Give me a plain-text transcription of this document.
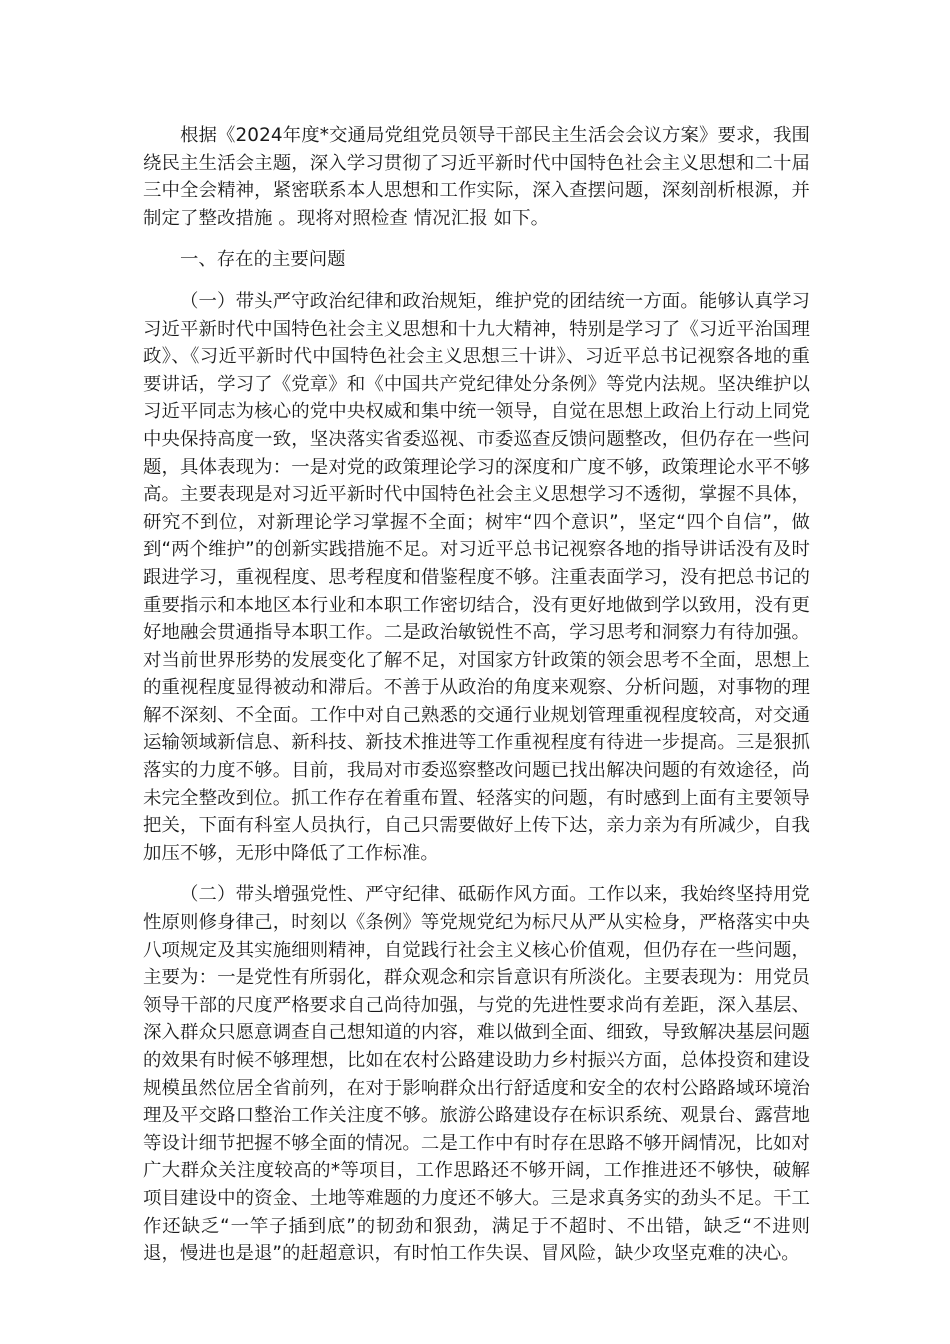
根据《2024年度*交通局党组党员领导干部民主生活会会议方案》要求，我围绕民主生活会主题，深入学习贯彻了习近平新时代中国特色社会主义思想和二十届三中全会精神，紧密联系本人思想和工作实际，深入查摆问题，深刻剖析根源，并制定了整改措施 。现将对照检查 情况汇报 如下。

一、存在的主要问题

（一）带头严守政治纪律和政治规矩，维护党的团结统一方面。能够认真学习习近平新时代中国特色社会主义思想和十九大精神，特别是学习了《习近平治国理政》、《习近平新时代中国特色社会主义思想三十讲》、习近平总书记视察各地的重要讲话，学习了《党章》和《中国共产党纪律处分条例》等党内法规。坚决维护以习近平同志为核心的党中央权威和集中统一领导，自觉在思想上政治上行动上同党中央保持高度一致，坚决落实省委巡视、市委巡查反馈问题整改，但仍存在一些问题，具体表现为：一是对党的政策理论学习的深度和广度不够，政策理论水平不够高。主要表现是对习近平新时代中国特色社会主义思想学习不透彻，掌握不具体，研究不到位，对新理论学习掌握不全面；树牢“四个意识”，坚定“四个自信”，做到“两个维护”的创新实践措施不足。对习近平总书记视察各地的指导讲话没有及时跟进学习，重视程度、思考程度和借鉴程度不够。注重表面学习，没有把总书记的重要指示和本地区本行业和本职工作密切结合，没有更好地做到学以致用，没有更好地融会贯通指导本职工作。二是政治敏锐性不高，学习思考和洞察力有待加强。对当前世界形势的发展变化了解不足，对国家方针政策的领会思考不全面，思想上的重视程度显得被动和滞后。不善于从政治的角度来观察、分析问题，对事物的理解不深刻、不全面。工作中对自己熟悉的交通行业规划管理重视程度较高，对交通运输领域新信息、新科技、新技术推进等工作重视程度有待进一步提高。三是狠抓落实的力度不够。目前，我局对市委巡察整改问题已找出解决问题的有效途径，尚未完全整改到位。抓工作存在着重布置、轻落实的问题，有时感到上面有主要领导把关，下面有科室人员执行，自己只需要做好上传下达，亲力亲为有所减少，自我加压不够，无形中降低了工作标准。

（二）带头增强党性、严守纪律、砥砺作风方面。工作以来，我始终坚持用党性原则修身律己，时刻以《条例》等党规党纪为标尺从严从实检身，严格落实中央八项规定及其实施细则精神，自觉践行社会主义核心价值观，但仍存在一些问题，主要为：一是党性有所弱化，群众观念和宗旨意识有所淡化。主要表现为：用党员领导干部的尺度严格要求自己尚待加强，与党的先进性要求尚有差距，深入基层、深入群众只愿意调查自己想知道的内容，难以做到全面、细致，导致解决基层问题的效果有时候不够理想，比如在农村公路建设助力乡村振兴方面，总体投资和建设规模虽然位居全省前列，在对于影响群众出行舒适度和安全的农村公路路域环境治理及平交路口整治工作关注度不够。旅游公路建设存在标识系统、观景台、露营地等设计细节把握不够全面的情况。二是工作中有时存在思路不够开阔情况，比如对广大群众关注度较高的*等项目，工作思路还不够开阔，工作推进还不够快，破解项目建设中的资金、土地等难题的力度还不够大。三是求真务实的劲头不足。干工作还缺乏“一竿子插到底”的韧劲和狠劲，满足于不超时、不出错，缺乏“不进则退，慢进也是退”的赶超意识，有时怕工作失误、冒风险，缺少攻坚克难的决心。
